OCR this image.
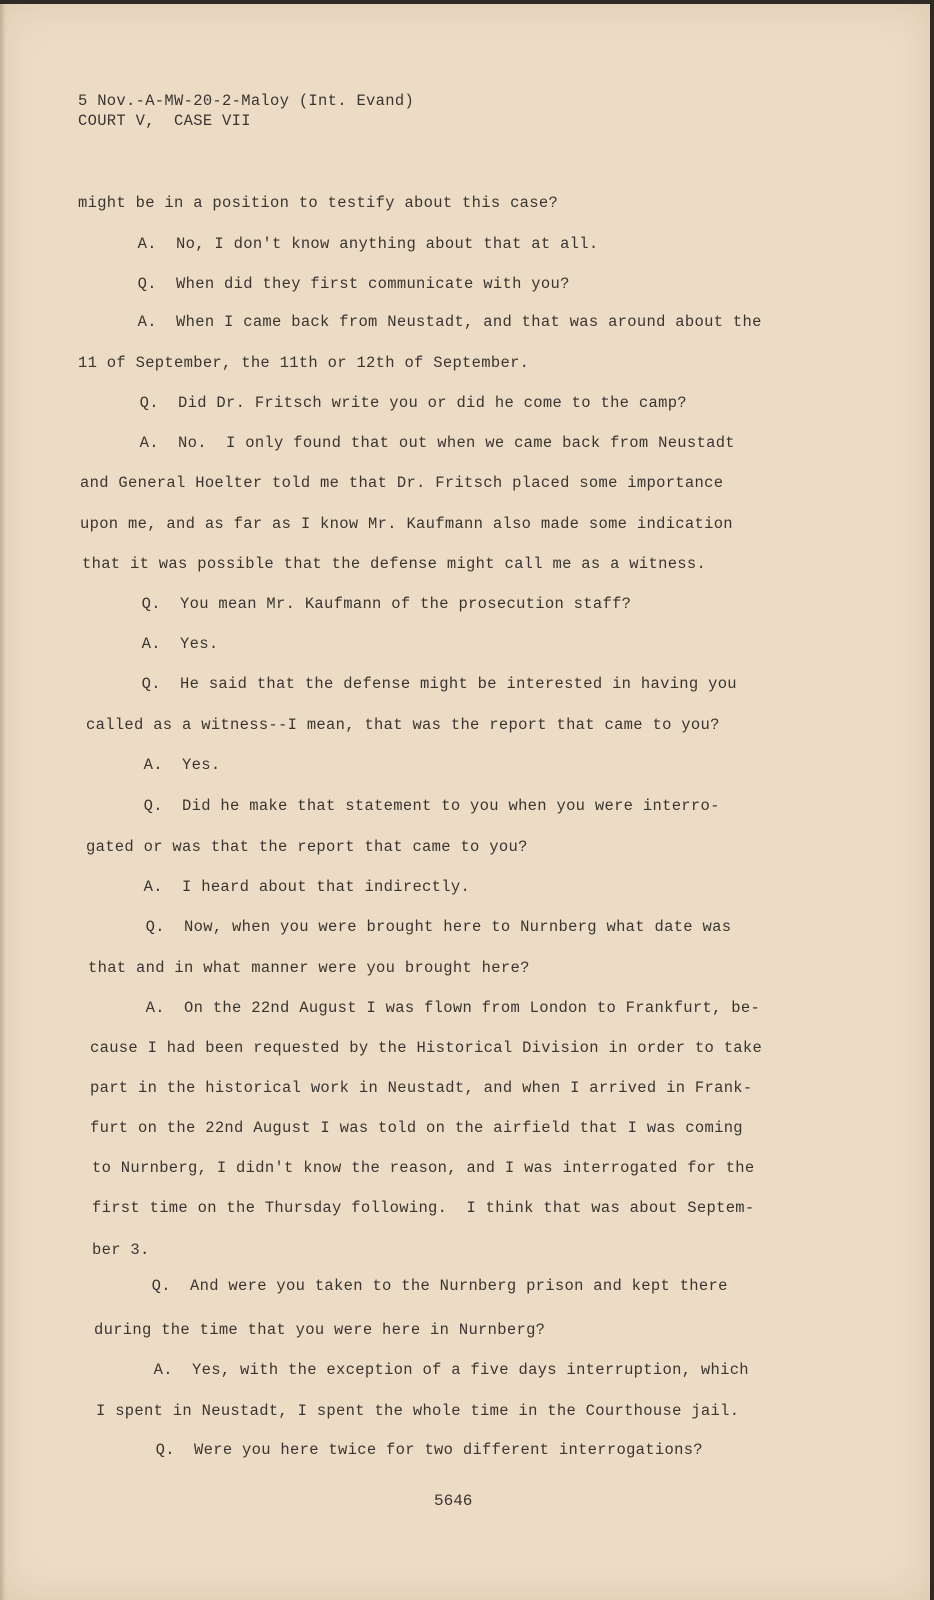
5 Nov.-A-MW-20-2-Maloy (Int. Evand)
COURT V,  CASE VII
might be in a position to testify about this case?
A.  No, I don't know anything about that at all.
Q.  When did they first communicate with you?
A.  When I came back from Neustadt, and that was around about the
11 of September, the 11th or 12th of September.
Q.  Did Dr. Fritsch write you or did he come to the camp?
A.  No.  I only found that out when we came back from Neustadt
and General Hoelter told me that Dr. Fritsch placed some importance
upon me, and as far as I know Mr. Kaufmann also made some indication
that it was possible that the defense might call me as a witness.
Q.  You mean Mr. Kaufmann of the prosecution staff?
A.  Yes.
Q.  He said that the defense might be interested in having you
called as a witness--I mean, that was the report that came to you?
A.  Yes.
Q.  Did he make that statement to you when you were interro-
gated or was that the report that came to you?
A.  I heard about that indirectly.
Q.  Now, when you were brought here to Nurnberg what date was
that and in what manner were you brought here?
A.  On the 22nd August I was flown from London to Frankfurt, be-
cause I had been requested by the Historical Division in order to take
part in the historical work in Neustadt, and when I arrived in Frank-
furt on the 22nd August I was told on the airfield that I was coming
to Nurnberg, I didn't know the reason, and I was interrogated for the
first time on the Thursday following.  I think that was about Septem-
ber 3.
Q.  And were you taken to the Nurnberg prison and kept there
during the time that you were here in Nurnberg?
A.  Yes, with the exception of a five days interruption, which
I spent in Neustadt, I spent the whole time in the Courthouse jail.
Q.  Were you here twice for two different interrogations?
5646
